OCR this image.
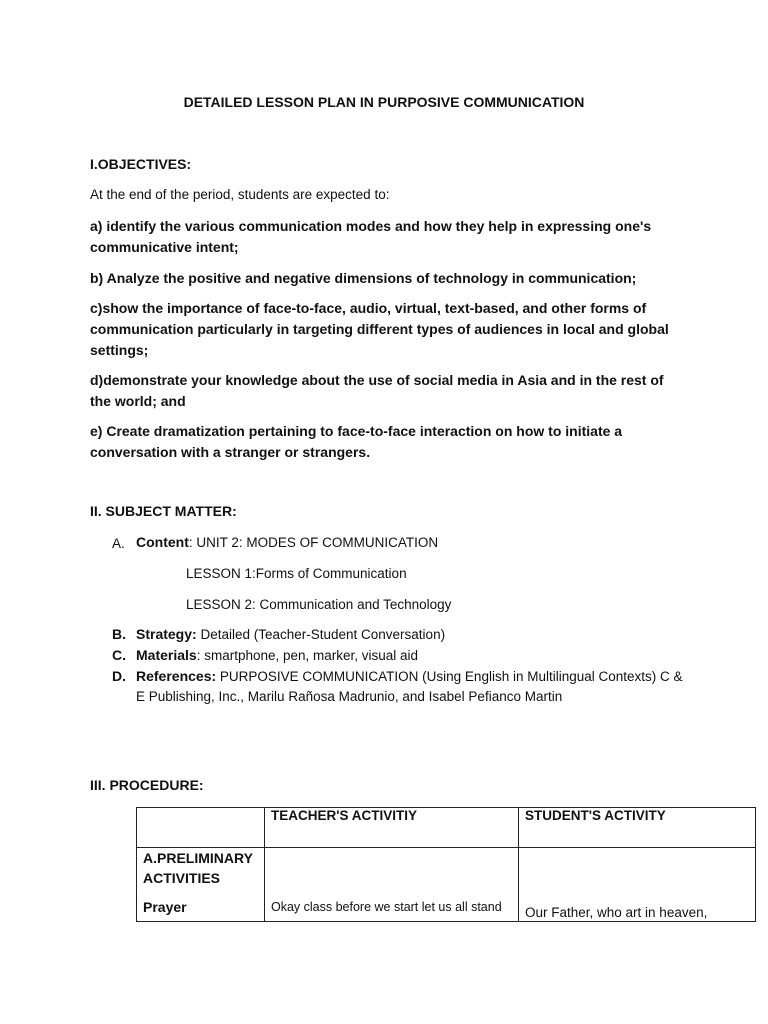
DETAILED LESSON PLAN IN PURPOSIVE COMMUNICATION
I.OBJECTIVES:
At the end of the period, students are expected to:
a) identify the various communication modes and how they help in expressing one's communicative intent;
b) Analyze the positive and negative dimensions of technology in communication;
c)show the importance of face-to-face, audio, virtual, text-based, and other forms of communication particularly in targeting different types of audiences in local and global settings;
d)demonstrate your knowledge about the use of social media in Asia and in the rest of the world; and
e) Create dramatization pertaining to face-to-face interaction on how to initiate a conversation with a stranger or strangers.
II. SUBJECT MATTER:
A. Content: UNIT 2: MODES OF COMMUNICATION
LESSON 1:Forms of Communication
LESSON 2: Communication and Technology
B. Strategy: Detailed (Teacher-Student Conversation)
C. Materials: smartphone, pen, marker, visual aid
D. References: PURPOSIVE COMMUNICATION (Using English in Multilingual Contexts) C &
E Publishing, Inc., Marilu Rañosa Madrunio, and Isabel Pefianco Martin
III. PROCEDURE:
	TEACHER'S ACTIVITIY	STUDENT'S ACTIVITY

A.PRELIMINARY ACTIVITIES
Prayer	Okay class before we start let us all stand	Our Father, who art in heaven,
